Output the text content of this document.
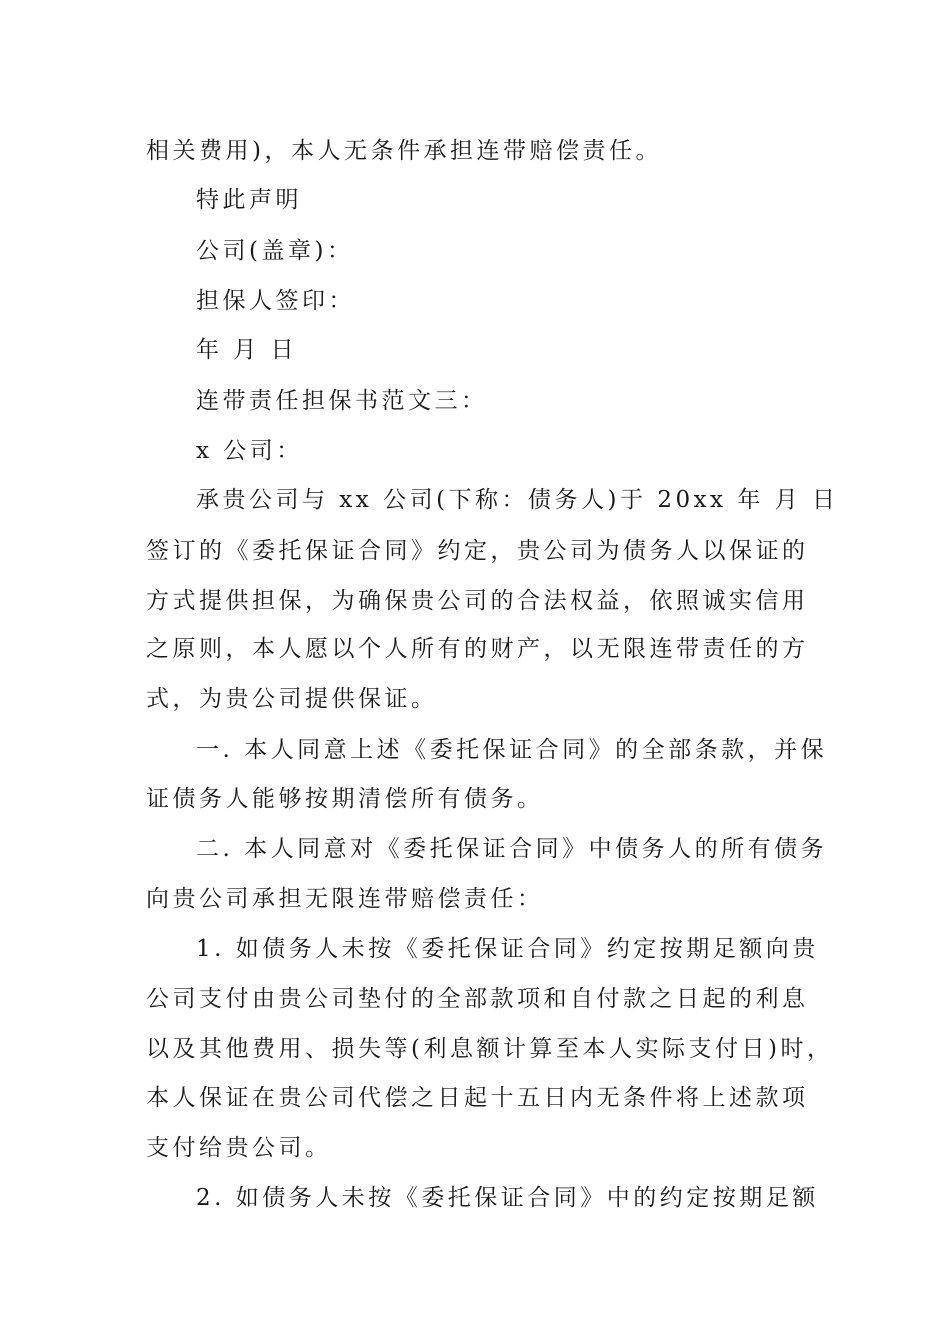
相关费用)，本人无条件承担连带赔偿责任。
特此声明
公司(盖章)：
担保人签印：
年 月 日
连带责任担保书范文三：
x 公司：
承贵公司与 xx 公司(下称：债务人)于 20xx 年 月 日
签订的《委托保证合同》约定，贵公司为债务人以保证的
方式提供担保，为确保贵公司的合法权益，依照诚实信用
之原则，本人愿以个人所有的财产，以无限连带责任的方
式，为贵公司提供保证。
一. 本人同意上述《委托保证合同》的全部条款，并保
证债务人能够按期清偿所有债务。
二. 本人同意对《委托保证合同》中债务人的所有债务
向贵公司承担无限连带赔偿责任：
1. 如债务人未按《委托保证合同》约定按期足额向贵
公司支付由贵公司垫付的全部款项和自付款之日起的利息
以及其他费用、损失等(利息额计算至本人实际支付日)时，
本人保证在贵公司代偿之日起十五日内无条件将上述款项
支付给贵公司。
2. 如债务人未按《委托保证合同》中的约定按期足额
